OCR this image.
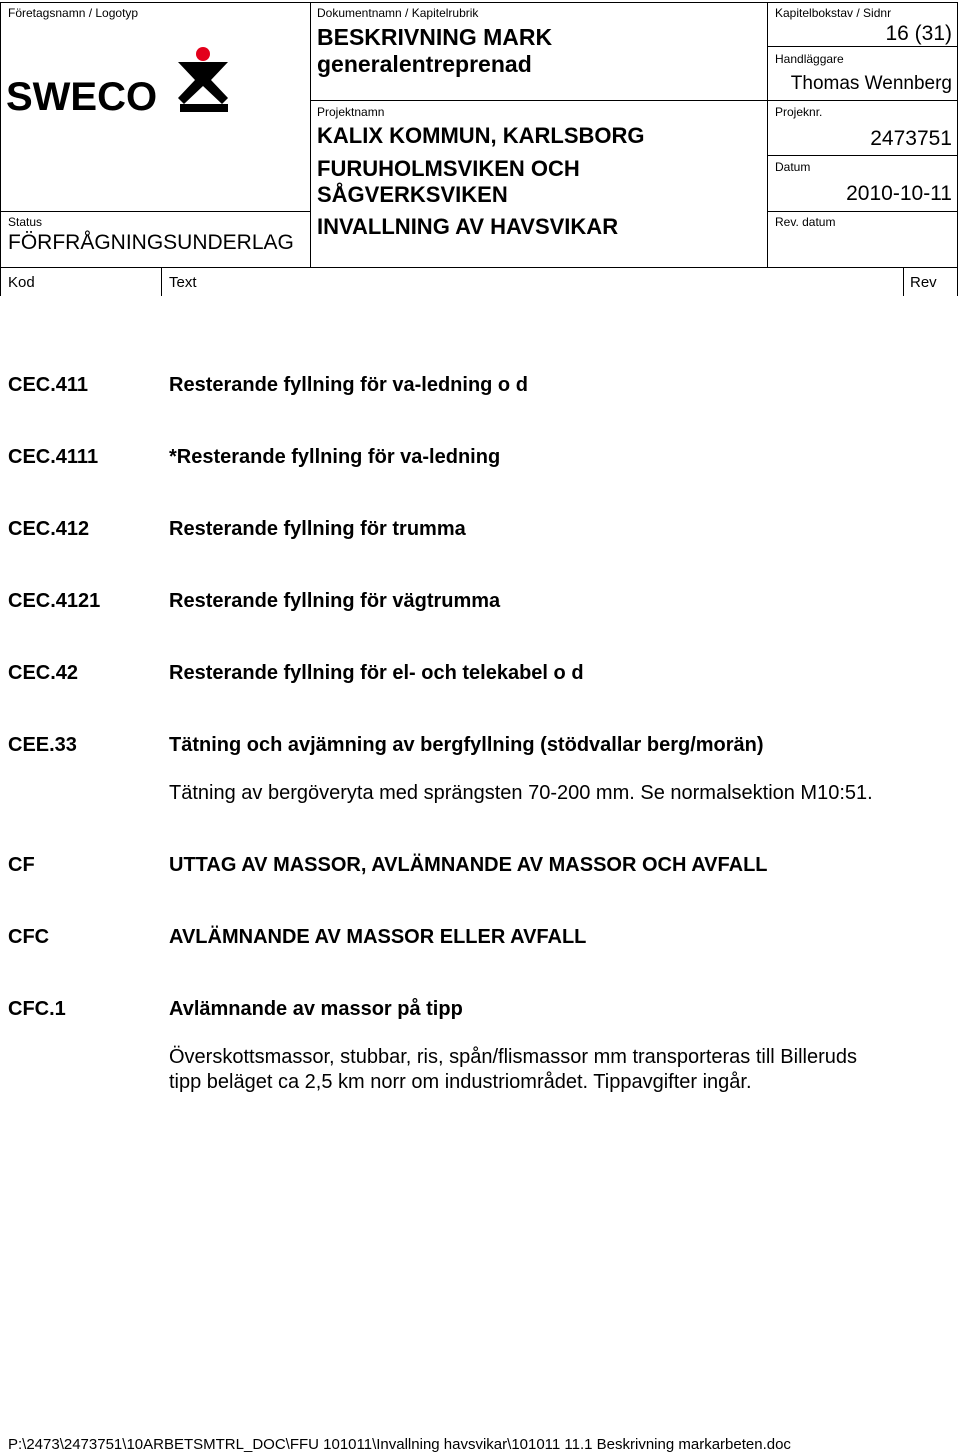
Företagsnamn / Logotyp
SWECO
Dokumentnamn / Kapitelrubrik
BESKRIVNING MARK
generalentreprenad
Kapitelbokstav / Sidnr
16 (31)
Handläggare
Thomas Wennberg
Projektnamn
KALIX KOMMUN, KARLSBORG
FURUHOLMSVIKEN OCH
SÅGVERKSVIKEN
INVALLNING AV HAVSVIKAR
Projeknr.
2473751
Datum
2010-10-11
Rev. datum
Status
FÖRFRÅGNINGSUNDERLAG
Kod	Text	Rev
CEC.411	Resterande fyllning för va-ledning o d
CEC.4111	*Resterande fyllning för va-ledning
CEC.412	Resterande fyllning för trumma
CEC.4121	Resterande fyllning för vägtrumma
CEC.42	Resterande fyllning för el- och telekabel o d
CEE.33	Tätning och avjämning av bergfyllning (stödvallar berg/morän)
Tätning av bergöveryta med sprängsten 70-200 mm. Se normalsektion M10:51.
CF	UTTAG AV MASSOR, AVLÄMNANDE AV MASSOR OCH AVFALL
CFC	AVLÄMNANDE AV MASSOR ELLER AVFALL
CFC.1	Avlämnande av massor på tipp
Överskottsmassor, stubbar, ris, spån/flismassor mm transporteras till Billeruds
tipp beläget ca 2,5 km norr om industriområdet. Tippavgifter ingår.
P:\2473\2473751\10ARBETSMTRL_DOC\FFU 101011\Invallning havsvikar\101011 11.1 Beskrivning markarbeten.doc
